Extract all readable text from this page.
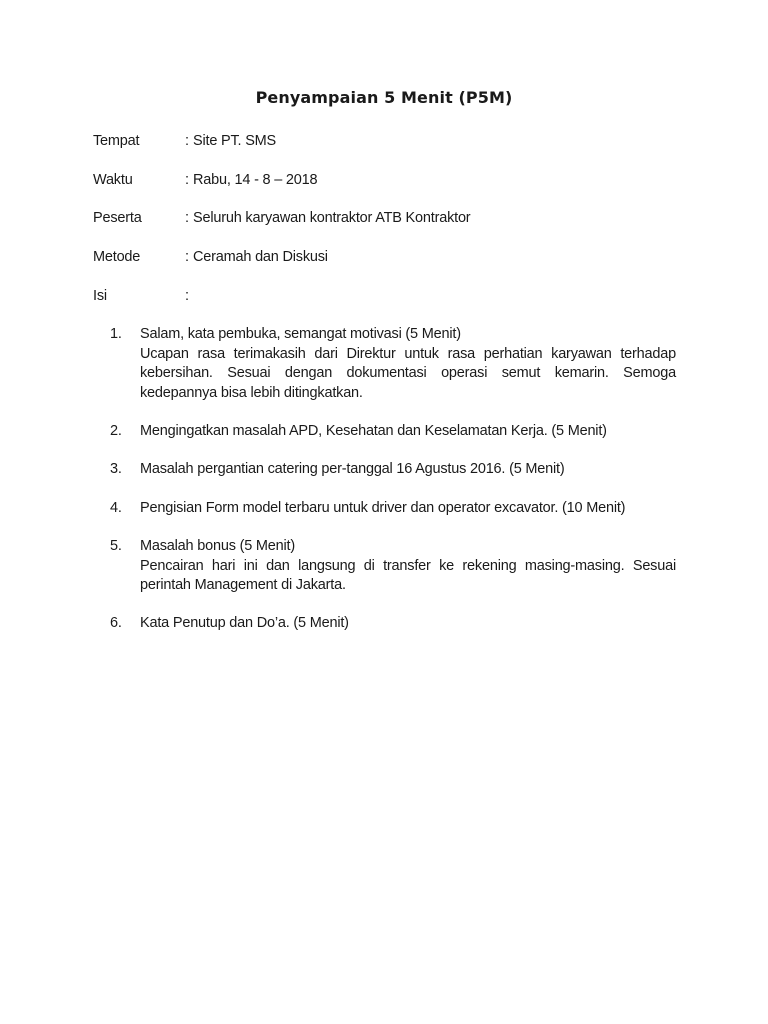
Penyampaian 5 Menit (P5M)
Tempat	: Site PT. SMS
Waktu	: Rabu, 14 - 8 – 2018
Peserta	: Seluruh karyawan kontraktor ATB Kontraktor
Metode	: Ceramah dan Diskusi
Isi	:
1. Salam, kata pembuka, semangat motivasi (5 Menit)
Ucapan rasa terimakasih dari Direktur untuk rasa perhatian karyawan terhadap kebersihan. Sesuai dengan dokumentasi operasi semut kemarin. Semoga kedepannya bisa lebih ditingkatkan.
2. Mengingatkan masalah APD, Kesehatan dan Keselamatan Kerja. (5 Menit)
3. Masalah pergantian catering per-tanggal 16 Agustus 2016. (5 Menit)
4. Pengisian Form model terbaru untuk driver dan operator excavator. (10 Menit)
5. Masalah bonus (5 Menit)
Pencairan hari ini dan langsung di transfer ke rekening masing-masing. Sesuai perintah Management di Jakarta.
6. Kata Penutup dan Do’a. (5 Menit)
